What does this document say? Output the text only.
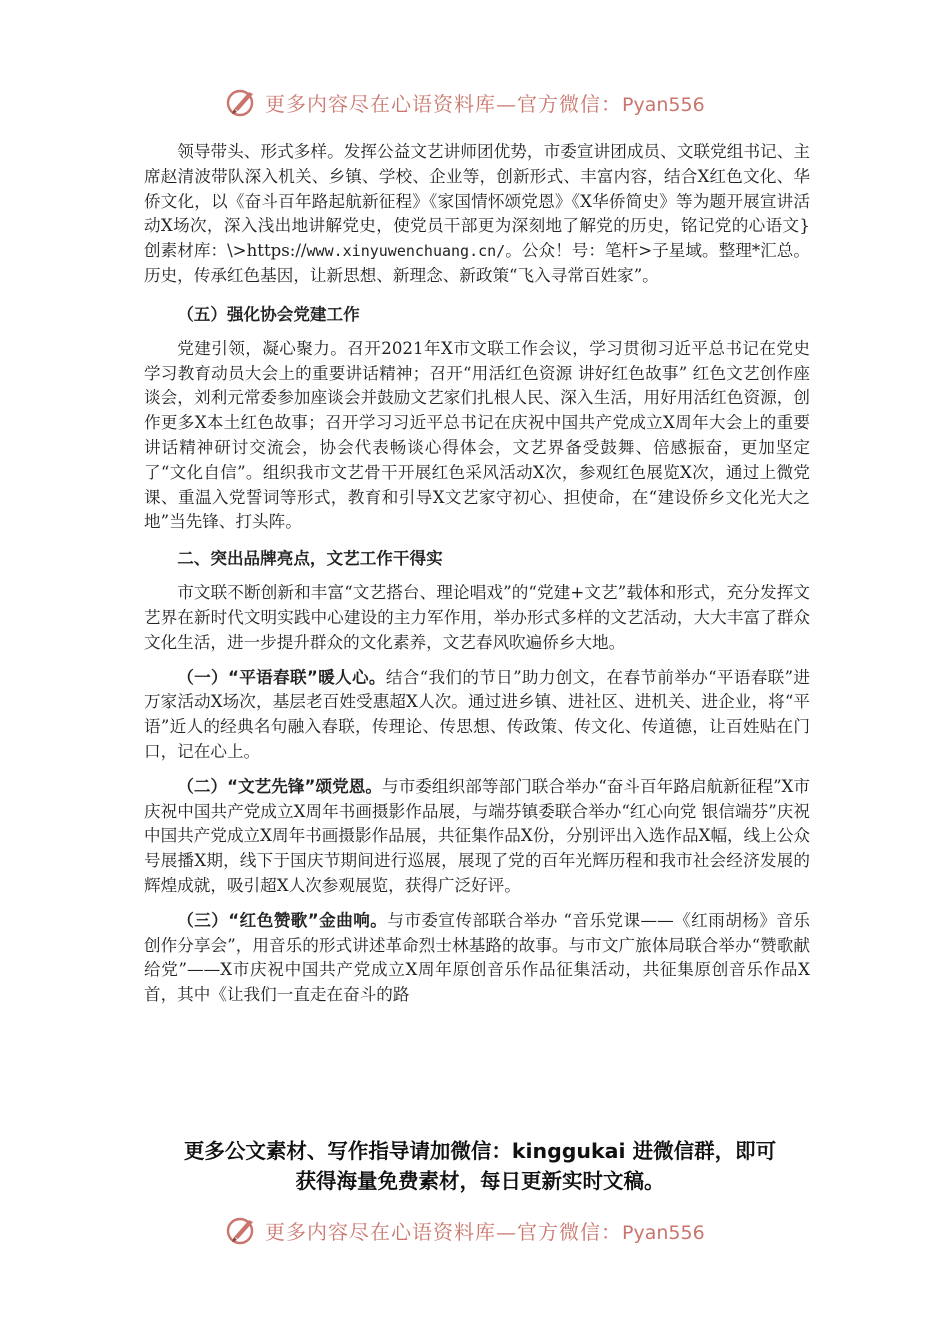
更多内容尽在心语资料库—官方微信：Pyan556

领导带头、形式多样。发挥公益文艺讲师团优势，市委宣讲团成员、文联党组书记、主席赵清波带队深入机关、乡镇、学校、企业等，创新形式、丰富内容，结合X红色文化、华侨文化，以《奋斗百年路起航新征程》《家国情怀颂党恩》《X华侨简史》等为题开展宣讲活动X场次，深入浅出地讲解党史，使党员干部更为深刻地了解党的历史，铭记党的心语文}创素材库：\>https://www.xinyuwenchuang.cn/。公众！号：笔杆>子星域。整理*汇总。历史，传承红色基因，让新思想、新理念、新政策“飞入寻常百姓家”。

（五）强化协会党建工作

党建引领，凝心聚力。召开2021年X市文联工作会议，学习贯彻习近平总书记在党史学习教育动员大会上的重要讲话精神；召开“用活红色资源 讲好红色故事” 红色文艺创作座谈会，刘利元常委参加座谈会并鼓励文艺家们扎根人民、深入生活，用好用活红色资源，创作更多X本土红色故事；召开学习习近平总书记在庆祝中国共产党成立X周年大会上的重要讲话精神研讨交流会，协会代表畅谈心得体会，文艺界备受鼓舞、倍感振奋，更加坚定了“文化自信”。组织我市文艺骨干开展红色采风活动X次，参观红色展览X次，通过上微党课、重温入党誓词等形式，教育和引导X文艺家守初心、担使命，在“建设侨乡文化光大之地”当先锋、打头阵。

二、突出品牌亮点，文艺工作干得实

市文联不断创新和丰富“文艺搭台、理论唱戏”的“党建+文艺”载体和形式，充分发挥文艺界在新时代文明实践中心建设的主力军作用，举办形式多样的文艺活动，大大丰富了群众文化生活，进一步提升群众的文化素养，文艺春风吹遍侨乡大地。

（一）“平语春联”暖人心。结合“我们的节日”助力创文，在春节前举办“平语春联”进万家活动X场次，基层老百姓受惠超X人次。通过进乡镇、进社区、进机关、进企业，将“平语”近人的经典名句融入春联，传理论、传思想、传政策、传文化、传道德，让百姓贴在门口，记在心上。

（二）“文艺先锋”颂党恩。与市委组织部等部门联合举办“奋斗百年路启航新征程”X市庆祝中国共产党成立X周年书画摄影作品展，与端芬镇委联合举办“红心向党 银信端芬”庆祝中国共产党成立X周年书画摄影作品展，共征集作品X份，分别评出入选作品X幅，线上公众号展播X期，线下于国庆节期间进行巡展，展现了党的百年光辉历程和我市社会经济发展的辉煌成就，吸引超X人次参观展览，获得广泛好评。

（三）“红色赞歌”金曲响。与市委宣传部联合举办 “音乐党课——《红雨胡杨》音乐创作分享会”，用音乐的形式讲述革命烈士林基路的故事。与市文广旅体局联合举办“赞歌献给党”——X市庆祝中国共产党成立X周年原创音乐作品征集活动，共征集原创音乐作品X首，其中《让我们一直走在奋斗的路

更多公文素材、写作指导请加微信：kinggukai 进微信群，即可
获得海量免费素材，每日更新实时文稿。
更多内容尽在心语资料库—官方微信：Pyan556
